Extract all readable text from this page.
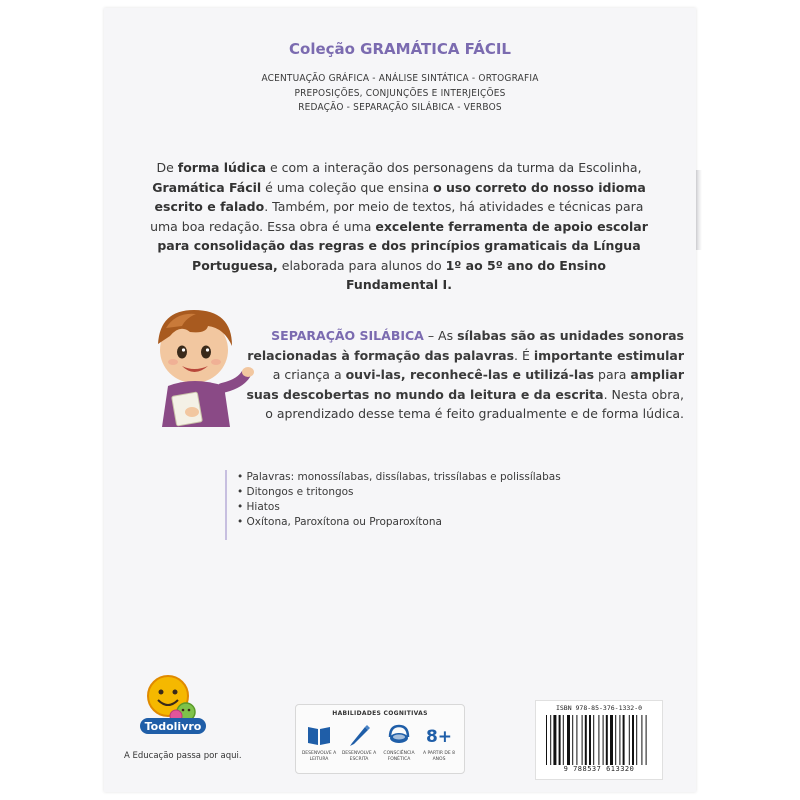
Coleção GRAMÁTICA FÁCIL
ACENTUAÇÃO GRÁFICA - ANÁLISE SINTÁTICA - ORTOGRAFIA
PREPOSIÇÕES, CONJUNÇÕES E INTERJEIÇÕES
REDAÇÃO - SEPARAÇÃO SILÁBICA - VERBOS
De forma lúdica e com a interação dos personagens da turma da Escolinha, Gramática Fácil é uma coleção que ensina o uso correto do nosso idioma escrito e falado. Também, por meio de textos, há atividades e técnicas para uma boa redação. Essa obra é uma excelente ferramenta de apoio escolar para consolidação das regras e dos princípios gramaticais da Língua Portuguesa, elaborada para alunos do 1º ao 5º ano do Ensino Fundamental I.
SEPARAÇÃO SILÁBICA – As sílabas são as unidades sonoras relacionadas à formação das palavras. É importante estimular a criança a ouvi-las, reconhecê-las e utilizá-las para ampliar suas descobertas no mundo da leitura e da escrita. Nesta obra, o aprendizado desse tema é feito gradualmente e de forma lúdica.
• Palavras: monossílabas, dissílabas, trissílabas e polissílabas
• Ditongos e tritongos
• Hiatos
• Oxítona, Paroxítona ou Proparoxítona
Todolivro
A Educação passa por aqui.
HABILIDADES COGNITIVAS
DESENVOLVE A LEITURA
DESENVOLVE A ESCRITA
CONSCIÊNCIA FONÉTICA
8+
A PARTIR DE 8 ANOS
ISBN 978-85-376-1332-0
9 788537 613320
